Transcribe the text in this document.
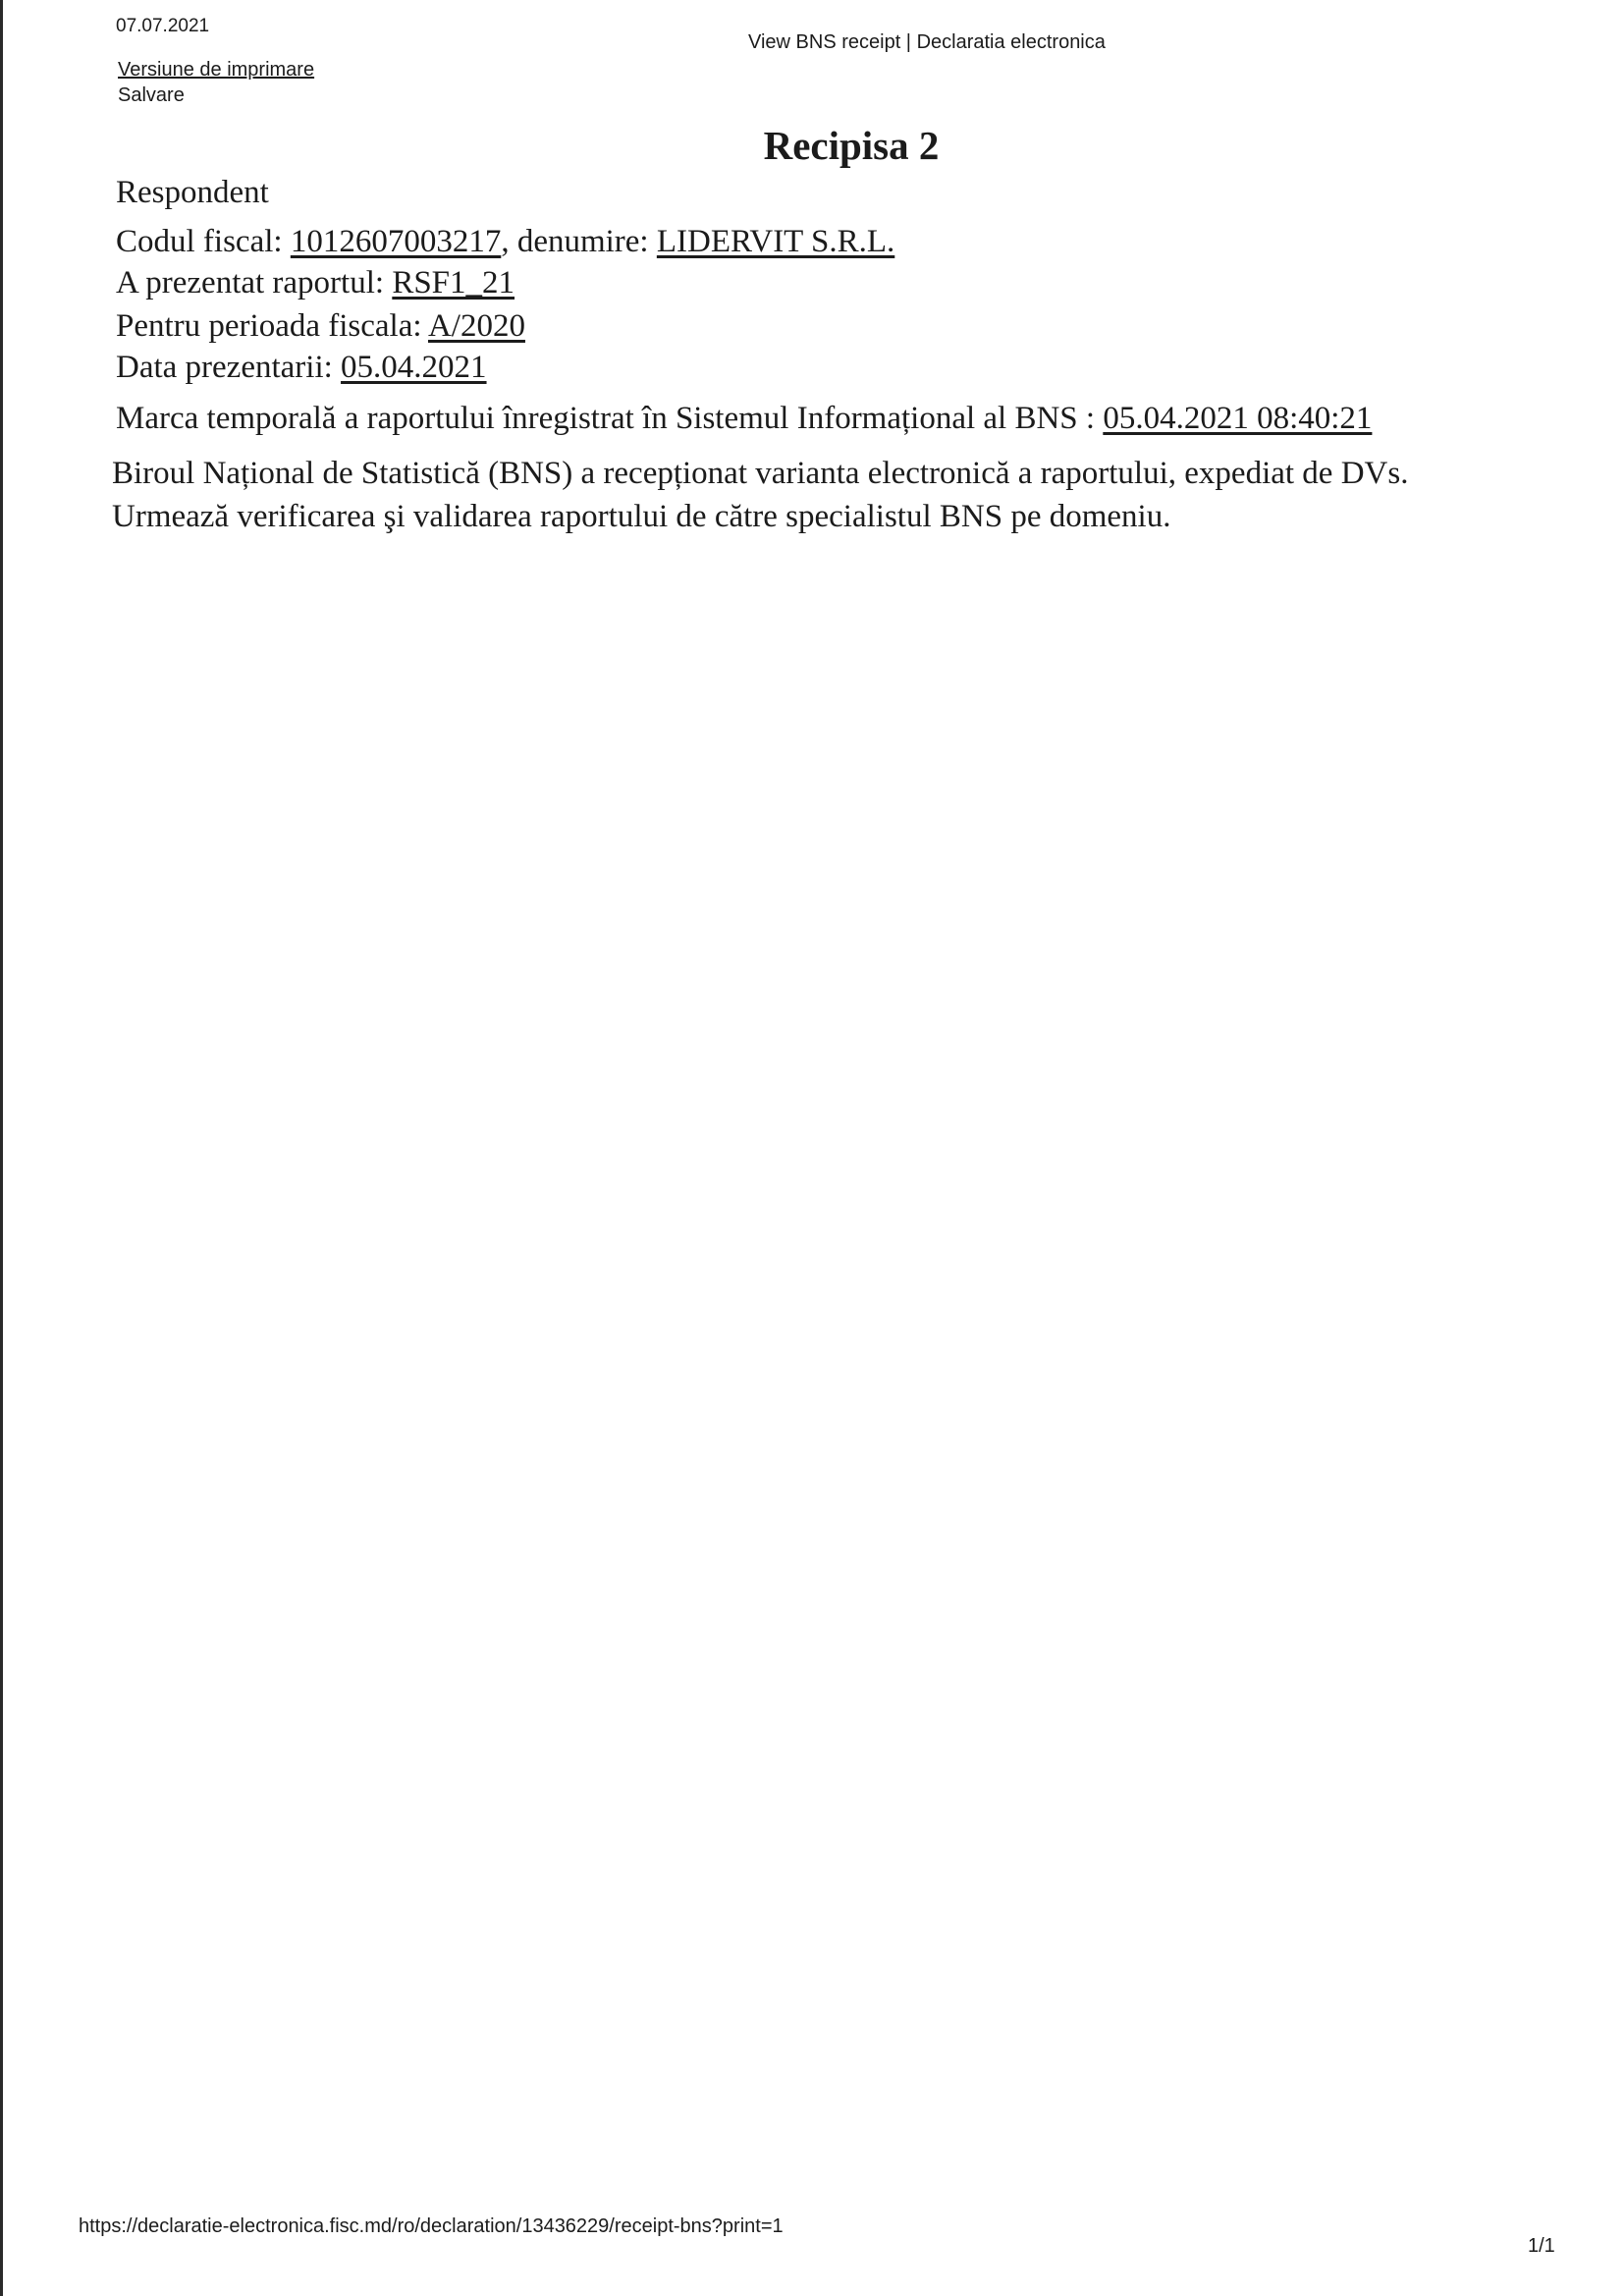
07.07.2021
View BNS receipt | Declaratia electronica
Versiune de imprimare
Salvare
Recipisa 2
Respondent
Codul fiscal: 1012607003217, denumire: LIDERVIT S.R.L.
A prezentat raportul: RSF1_21
Pentru perioada fiscala: A/2020
Data prezentarii: 05.04.2021
Marca temporală a raportului înregistrat în Sistemul Informațional al BNS : 05.04.2021 08:40:21
Biroul Național de Statistică (BNS) a recepționat varianta electronică a raportului, expediat de DVs. Urmează verificarea şi validarea raportului de către specialistul BNS pe domeniu.
https://declaratie-electronica.fisc.md/ro/declaration/13436229/receipt-bns?print=1
1/1
